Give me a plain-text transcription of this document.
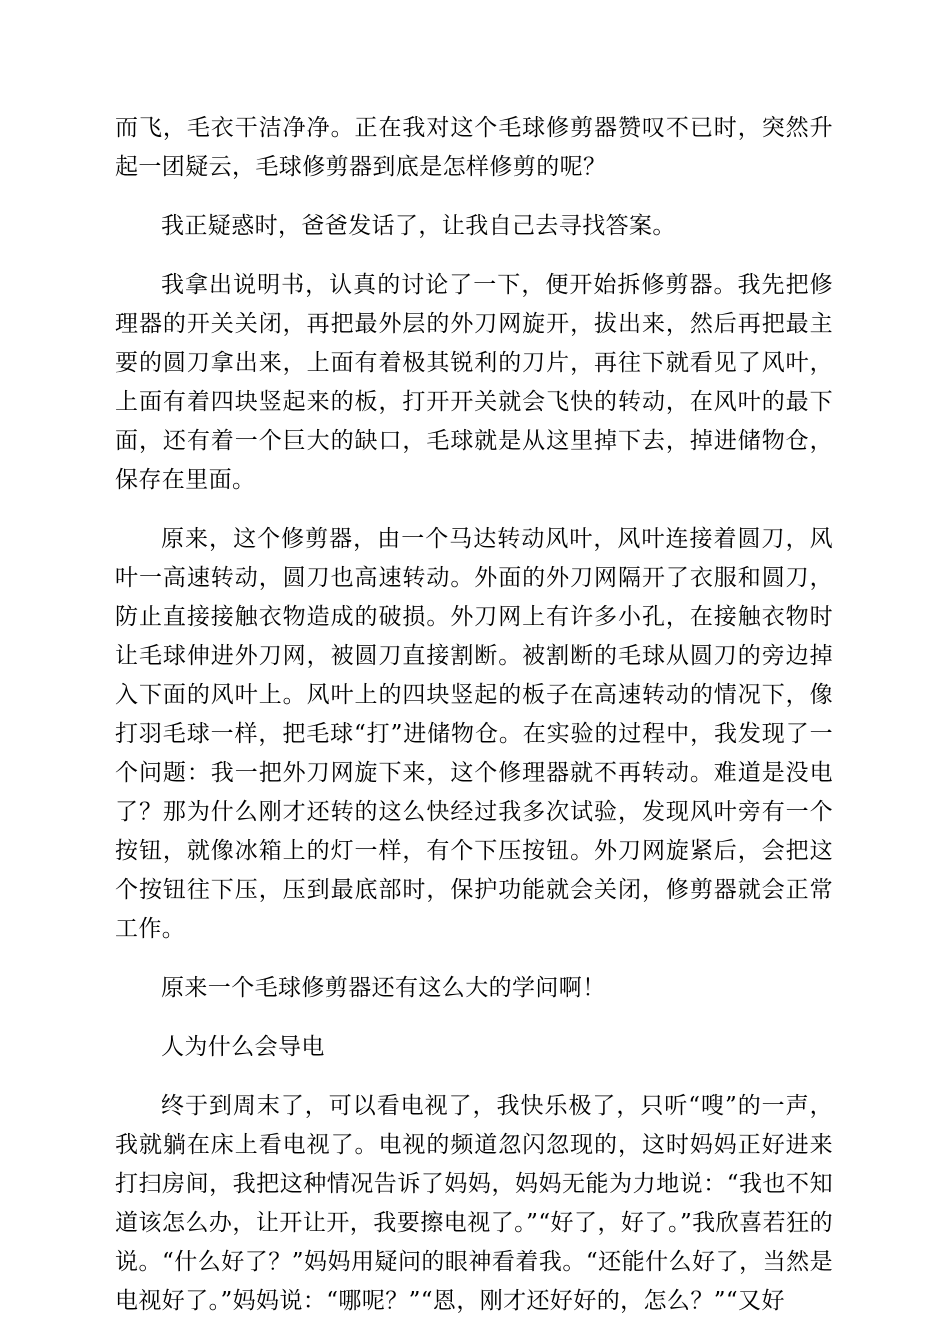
而飞，毛衣干洁净净。正在我对这个毛球修剪器赞叹不已时，突然升起一团疑云，毛球修剪器到底是怎样修剪的呢？

我正疑惑时，爸爸发话了，让我自己去寻找答案。

我拿出说明书，认真的讨论了一下，便开始拆修剪器。我先把修理器的开关关闭，再把最外层的外刀网旋开，拔出来，然后再把最主要的圆刀拿出来，上面有着极其锐利的刀片，再往下就看见了风叶，上面有着四块竖起来的板，打开开关就会飞快的转动，在风叶的最下面，还有着一个巨大的缺口，毛球就是从这里掉下去，掉进储物仓，保存在里面。

原来，这个修剪器，由一个马达转动风叶，风叶连接着圆刀，风叶一高速转动，圆刀也高速转动。外面的外刀网隔开了衣服和圆刀，防止直接接触衣物造成的破损。外刀网上有许多小孔，在接触衣物时让毛球伸进外刀网，被圆刀直接割断。被割断的毛球从圆刀的旁边掉入下面的风叶上。风叶上的四块竖起的板子在高速转动的情况下，像打羽毛球一样，把毛球“打”进储物仓。在实验的过程中，我发现了一个问题：我一把外刀网旋下来，这个修理器就不再转动。难道是没电了？那为什么刚才还转的这么快经过我多次试验，发现风叶旁有一个按钮，就像冰箱上的灯一样，有个下压按钮。外刀网旋紧后，会把这个按钮往下压，压到最底部时，保护功能就会关闭，修剪器就会正常工作。

原来一个毛球修剪器还有这么大的学问啊！

人为什么会导电

终于到周末了，可以看电视了，我快乐极了，只听“嗖”的一声，我就躺在床上看电视了。电视的频道忽闪忽现的，这时妈妈正好进来打扫房间，我把这种情况告诉了妈妈，妈妈无能为力地说：“我也不知道该怎么办，让开让开，我要擦电视了。”“好了，好了。”我欣喜若狂的说。“什么好了？”妈妈用疑问的眼神看着我。“还能什么好了，当然是电视好了。”妈妈说：“哪呢？”“恩，刚才还好好的，怎么？”“又好
